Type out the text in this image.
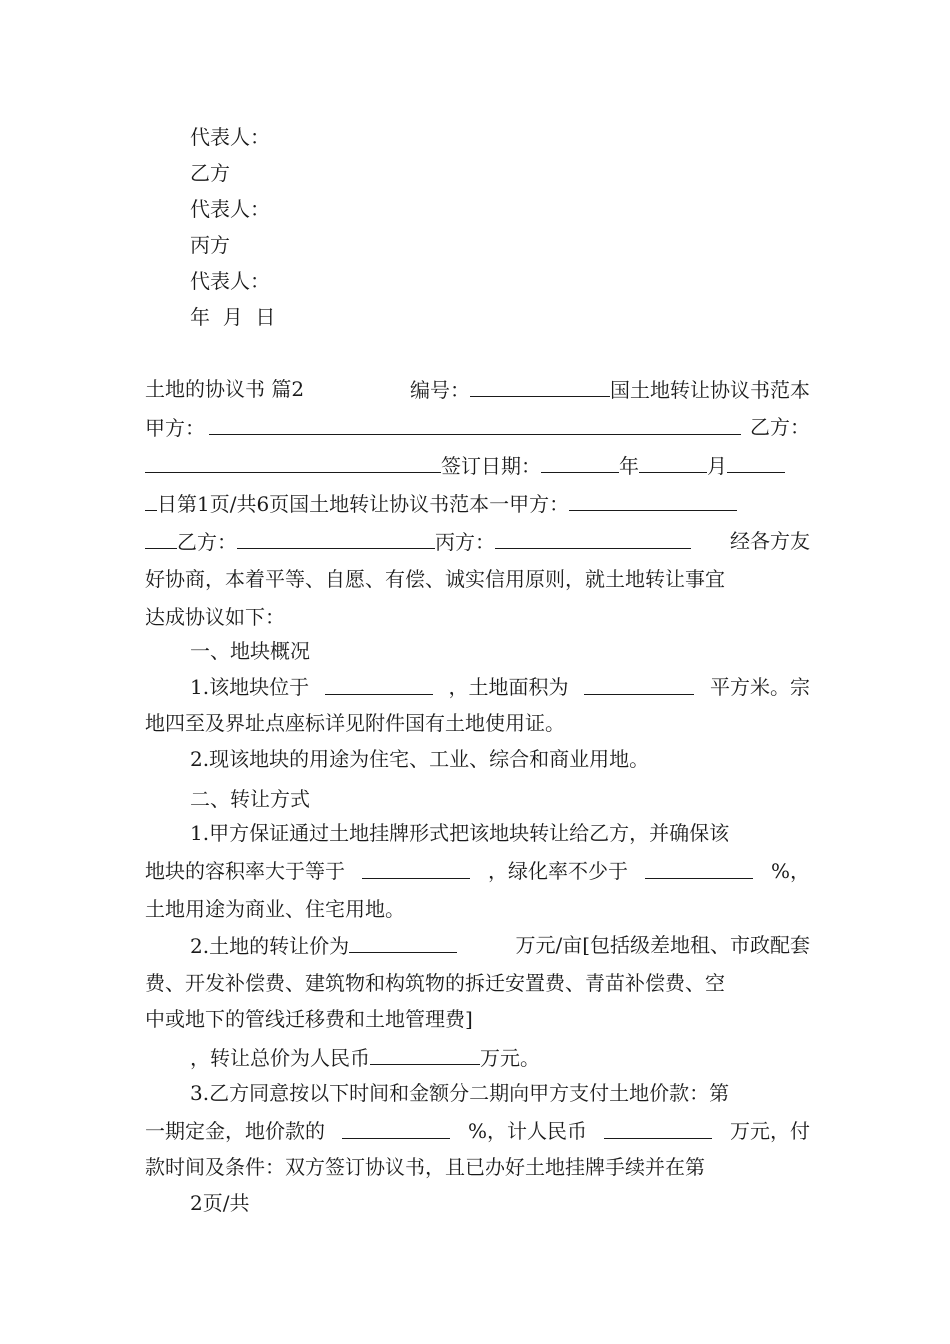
代表人：
乙方
代表人：
丙方
代表人：
年  月  日
土地的协议书 篇2	编号：	国土地转让协议书范本
甲方：	乙方：
签订日期：	年	月
日第1页/共6页国土地转让协议书范本一甲方：
乙方：	丙方：	经各方友
好协商，本着平等、自愿、有偿、诚实信用原则，就土地转让事宜
达成协议如下：
一、地块概况
1.该地块位于	，土地面积为	平方米。宗
地四至及界址点座标详见附件国有土地使用证。
2.现该地块的用途为住宅、工业、综合和商业用地。
二、转让方式
1.甲方保证通过土地挂牌形式把该地块转让给乙方，并确保该
地块的容积率大于等于	，绿化率不少于	%，
土地用途为商业、住宅用地。
2.土地的转让价为	万元/亩[包括级差地租、市政配套
费、开发补偿费、建筑物和构筑物的拆迁安置费、青苗补偿费、空
中或地下的管线迁移费和土地管理费]
，转让总价为人民币	万元。
3.乙方同意按以下时间和金额分二期向甲方支付土地价款：第
一期定金，地价款的	%，计人民币	万元，付
款时间及条件：双方签订协议书，且已办好土地挂牌手续并在第
2页/共
